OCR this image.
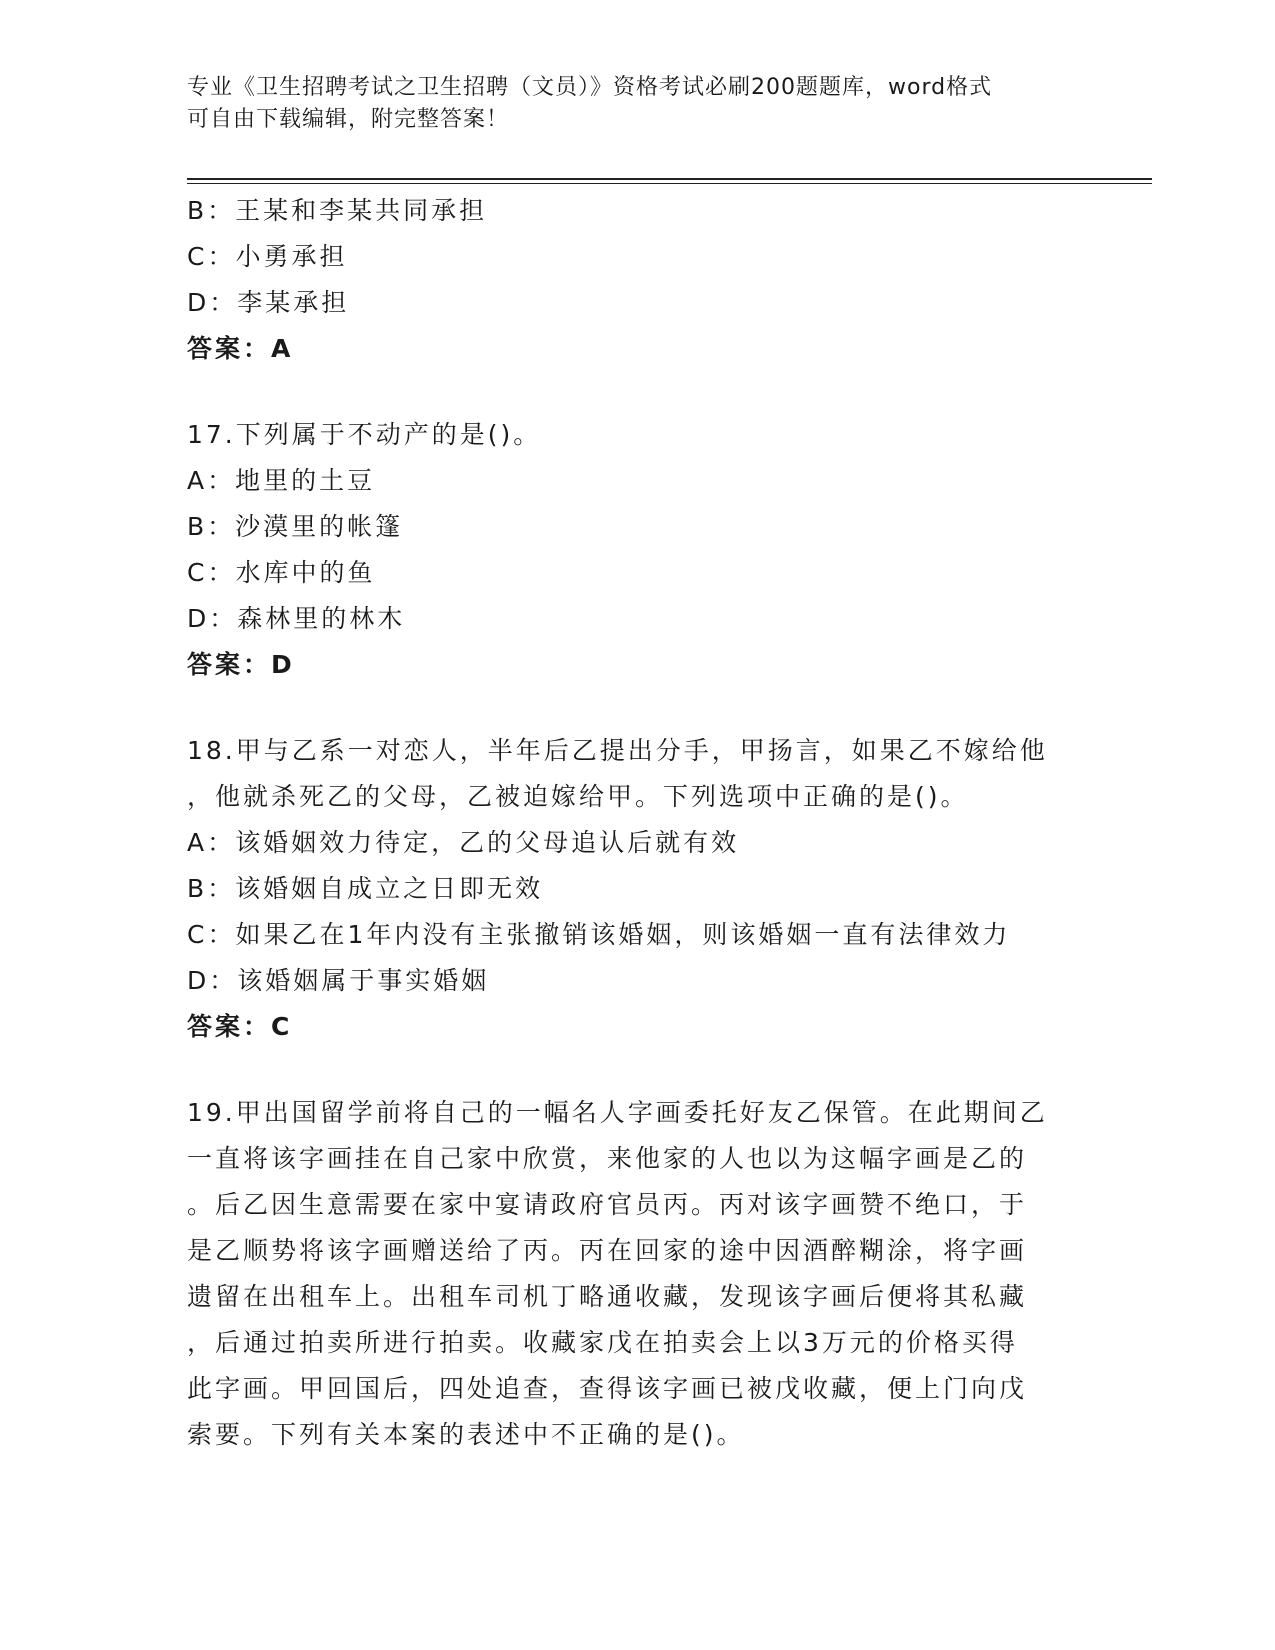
专业《卫生招聘考试之卫生招聘（文员）》资格考试必刷200题题库，word格式
可自由下载编辑，附完整答案！
B：王某和李某共同承担
C：小勇承担
D：李某承担
答案：A
17.下列属于不动产的是()。
A：地里的土豆
B：沙漠里的帐篷
C：水库中的鱼
D：森林里的林木
答案：D
18.甲与乙系一对恋人，半年后乙提出分手，甲扬言，如果乙不嫁给他
，他就杀死乙的父母，乙被迫嫁给甲。下列选项中正确的是()。
A：该婚姻效力待定，乙的父母追认后就有效
B：该婚姻自成立之日即无效
C：如果乙在1年内没有主张撤销该婚姻，则该婚姻一直有法律效力
D：该婚姻属于事实婚姻
答案：C
19.甲出国留学前将自己的一幅名人字画委托好友乙保管。在此期间乙
一直将该字画挂在自己家中欣赏，来他家的人也以为这幅字画是乙的
。后乙因生意需要在家中宴请政府官员丙。丙对该字画赞不绝口，于
是乙顺势将该字画赠送给了丙。丙在回家的途中因酒醉糊涂，将字画
遗留在出租车上。出租车司机丁略通收藏，发现该字画后便将其私藏
，后通过拍卖所进行拍卖。收藏家戊在拍卖会上以3万元的价格买得
此字画。甲回国后，四处追查，查得该字画已被戊收藏，便上门向戊
索要。下列有关本案的表述中不正确的是()。
